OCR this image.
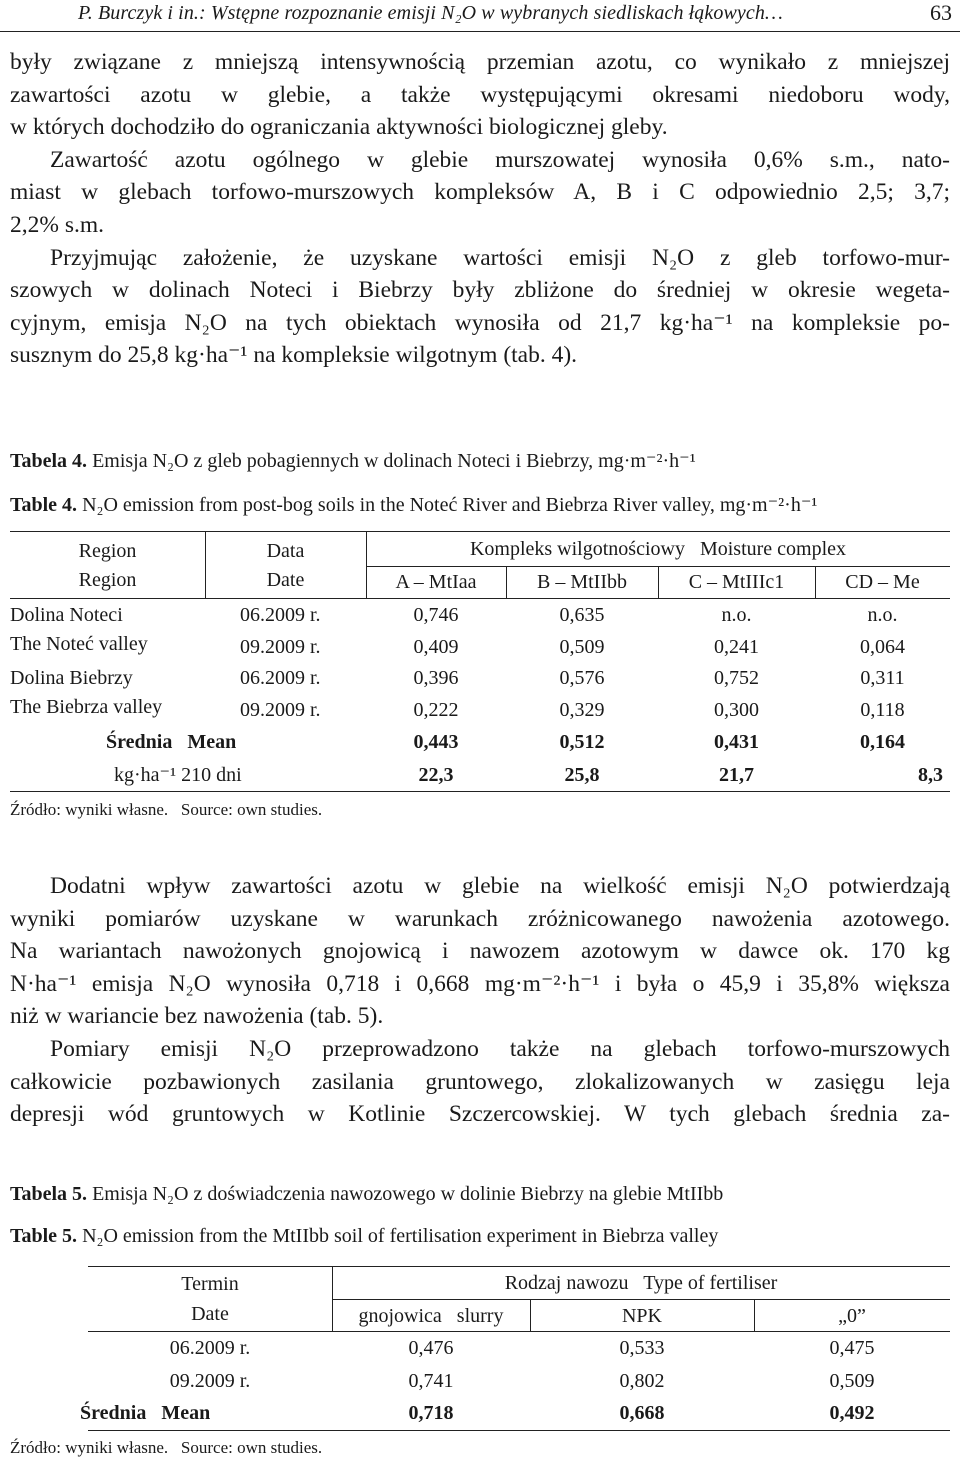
P. Burczyk i in.: Wstępne rozpoznanie emisji N₂O w wybranych siedliskach łąkowych…	63
były związane z mniejszą intensywnością przemian azotu, co wynikało z mniejszej
zawartości azotu w glebie, a także występującymi okresami niedoboru wody,
w których dochodziło do ograniczania aktywności biologicznej gleby.
Zawartość azotu ogólnego w glebie murszowatej wynosiła 0,6% s.m., nato-
miast w glebach torfowo-murszowych kompleksów A, B i C odpowiednio 2,5; 3,7;
2,2% s.m.
Przyjmując założenie, że uzyskane wartości emisji N₂O z gleb torfowo-mur-
szowych w dolinach Noteci i Biebrzy były zbliżone do średniej w okresie wegeta-
cyjnym, emisja N₂O na tych obiektach wynosiła od 21,7 kg·ha⁻¹ na kompleksie po-
susznym do 25,8 kg·ha⁻¹ na kompleksie wilgotnym (tab. 4).
Tabela 4. Emisja N₂O z gleb pobagiennych w dolinach Noteci i Biebrzy, mg·m⁻²·h⁻¹
Table 4. N₂O emission from post-bog soils in the Noteć River and Biebrza River valley, mg·m⁻²·h⁻¹
Region
Region
Data
Date
Kompleks wilgotnościowy   Moisture complex
A – MtIaa	B – MtIIbb	C – MtIIIc1	CD – Me
Dolina Noteci	06.2009 r.	0,746	0,635	n.o.	n.o.
The Noteć valley	09.2009 r.	0,409	0,509	0,241	0,064
Dolina Biebrzy	06.2009 r.	0,396	0,576	0,752	0,311
The Biebrza valley	09.2009 r.	0,222	0,329	0,300	0,118
Średnia   Mean	0,443	0,512	0,431	0,164
kg·ha⁻¹ 210 dni	22,3	25,8	21,7	8,3
Źródło: wyniki własne.   Source: own studies.
Dodatni wpływ zawartości azotu w glebie na wielkość emisji N₂O potwierdzają
wyniki pomiarów uzyskane w warunkach zróżnicowanego nawożenia azotowego.
Na wariantach nawożonych gnojowicą i nawozem azotowym w dawce ok. 170 kg
N·ha⁻¹ emisja N₂O wynosiła 0,718 i 0,668 mg·m⁻²·h⁻¹ i była o 45,9 i 35,8% większa
niż w wariancie bez nawożenia (tab. 5).
Pomiary emisji N₂O przeprowadzono także na glebach torfowo-murszowych
całkowicie pozbawionych zasilania gruntowego, zlokalizowanych w zasięgu leja
depresji wód gruntowych w Kotlinie Szczercowskiej. W tych glebach średnia za-
Tabela 5. Emisja N₂O z doświadczenia nawozowego w dolinie Biebrzy na glebie MtIIbb
Table 5. N₂O emission from the MtIIbb soil of fertilisation experiment in Biebrza valley
Termin
Date
Rodzaj nawozu   Type of fertiliser
gnojowica   slurry	NPK	„0”
06.2009 r.	0,476	0,533	0,475
09.2009 r.	0,741	0,802	0,509
Średnia   Mean	0,718	0,668	0,492
Źródło: wyniki własne.   Source: own studies.
